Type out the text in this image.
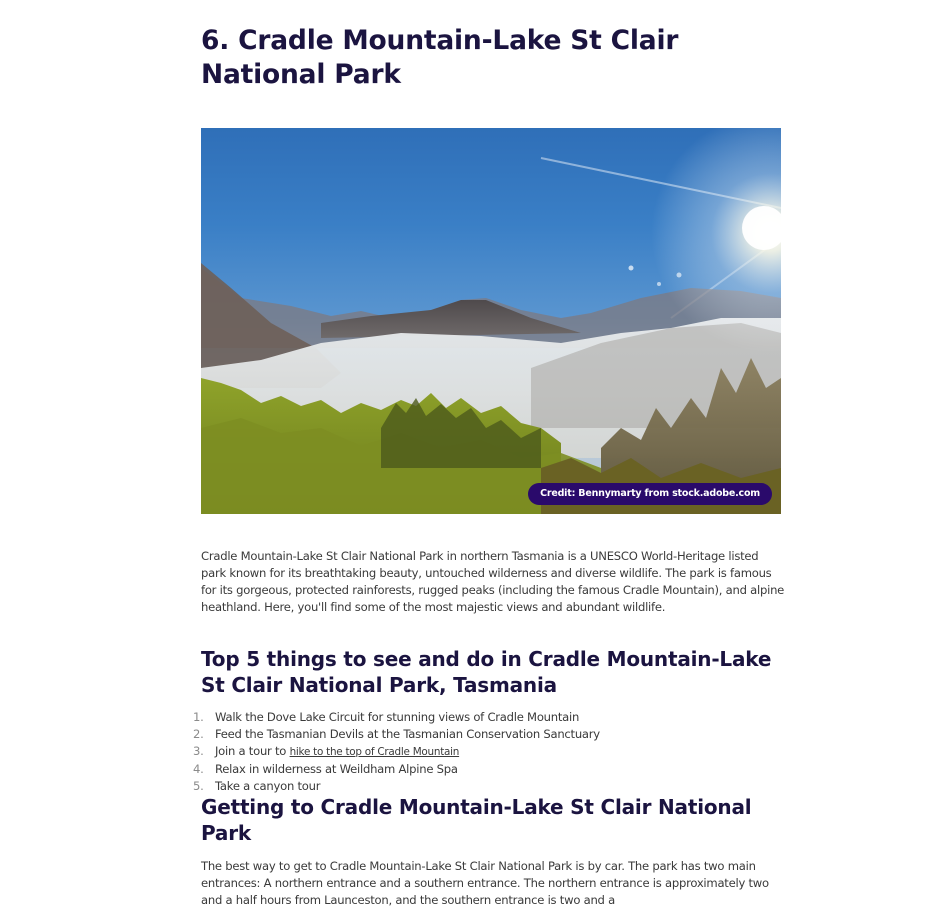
6. Cradle Mountain-Lake St Clair National Park
Credit: Bennymarty from stock.adobe.com

Cradle Mountain-Lake St Clair National Park in northern Tasmania is a UNESCO World-Heritage listed park known for its breathtaking beauty, untouched wilderness and diverse wildlife. The park is famous for its gorgeous, protected rainforests, rugged peaks (including the famous Cradle Mountain), and alpine heathland. Here, you'll find some of the most majestic views and abundant wildlife.

Top 5 things to see and do in Cradle Mountain-Lake St Clair National Park, Tasmania
1. Walk the Dove Lake Circuit for stunning views of Cradle Mountain
2. Feed the Tasmanian Devils at the Tasmanian Conservation Sanctuary
3. Join a tour to hike to the top of Cradle Mountain
4. Relax in wilderness at Weildham Alpine Spa
5. Take a canyon tour
Getting to Cradle Mountain-Lake St Clair National Park

The best way to get to Cradle Mountain-Lake St Clair National Park is by car. The park has two main entrances: A northern entrance and a southern entrance. The northern entrance is approximately two and a half hours from Launceston, and the southern entrance is two and a
